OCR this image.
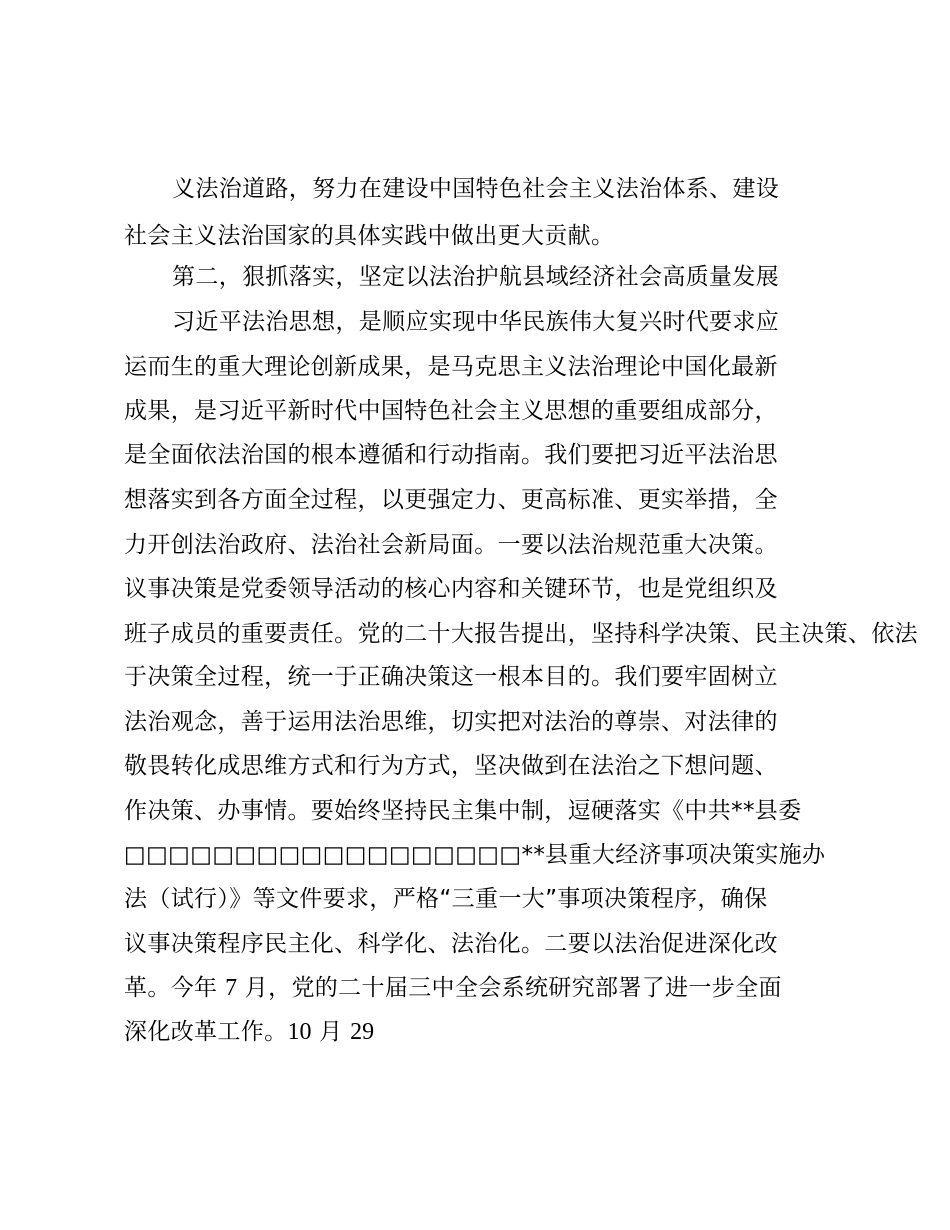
义法治道路，努力在建设中国特色社会主义法治体系、建设
社会主义法治国家的具体实践中做出更大贡献。
第二，狠抓落实，坚定以法治护航县域经济社会高质量发展
习近平法治思想，是顺应实现中华民族伟大复兴时代要求应
运而生的重大理论创新成果，是马克思主义法治理论中国化最新
成果，是习近平新时代中国特色社会主义思想的重要组成部分，
是全面依法治国的根本遵循和行动指南。我们要把习近平法治思
想落实到各方面全过程，以更强定力、更高标准、更实举措，全
力开创法治政府、法治社会新局面。一要以法治规范重大决策。
议事决策是党委领导活动的核心内容和关键环节，也是党组织及
班子成员的重要责任。党的二十大报告提出，坚持科学决策、民主决策、依法
于决策全过程，统一于正确决策这一根本目的。我们要牢固树立
法治观念，善于运用法治思维，切实把对法治的尊崇、对法律的
敬畏转化成思维方式和行为方式，坚决做到在法治之下想问题、
作决策、办事情。要始终坚持民主集中制，逗硬落实《中共**县委
□□□□□□□□□□□□□□□□□□**县重大经济事项决策实施办
法（试行）》等文件要求，严格“三重一大”事项决策程序，确保
议事决策程序民主化、科学化、法治化。二要以法治促进深化改
革。今年 7 月，党的二十届三中全会系统研究部署了进一步全面
深化改革工作。10 月 29
